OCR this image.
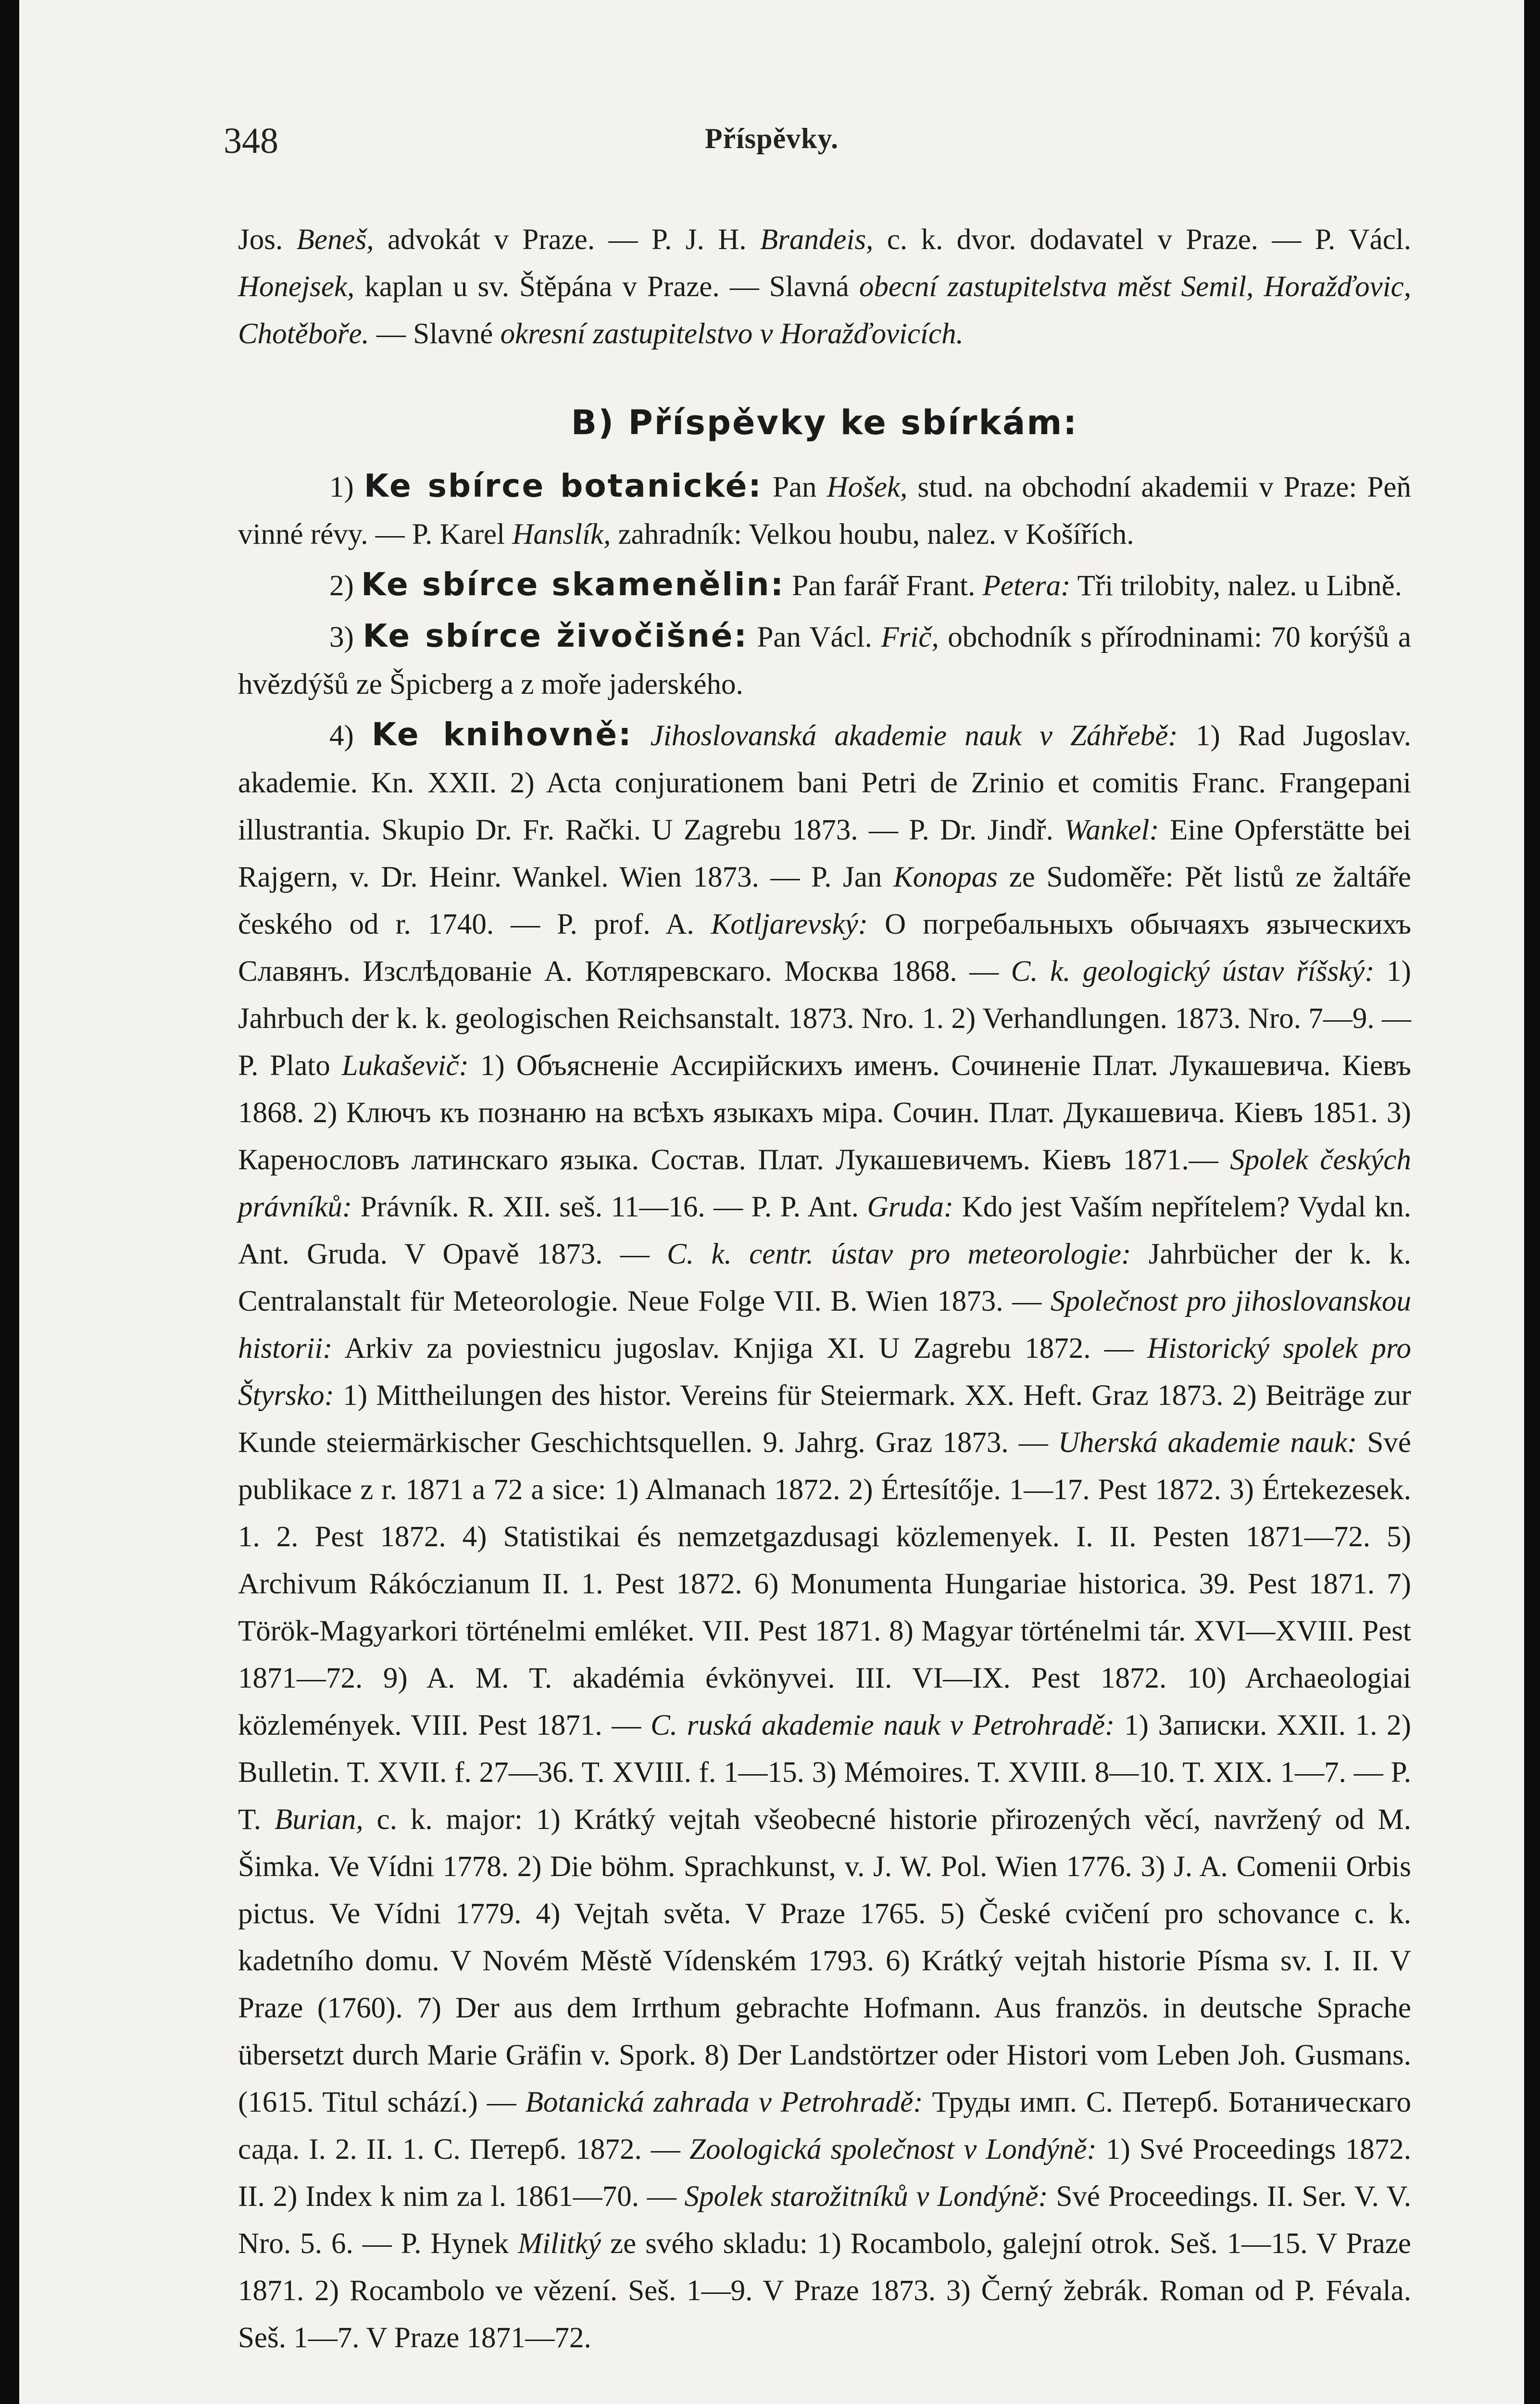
348	Příspěvky.

Jos. Beneš, advokát v Praze. — P. J. H. Brandeis, c. k. dvor. dodavatel v Praze. — P. Václ. Honejsek, kaplan u sv. Štěpána v Praze. — Slavná obecní zastupitelstva měst Semil, Horažďovic, Chotěboře. — Slavné okresní zastupitelstvo v Horažďovicích.

B) Příspěvky ke sbírkám:

1) Ke sbírce botanické: Pan Hošek, stud. na obchodní akademii v Praze: Peň vinné révy. — P. Karel Hanslík, zahradník: Velkou houbu, nalez. v Košířích.

2) Ke sbírce skamenělin: Pan farář Frant. Petera: Tři trilobity, nalez. u Libně.

3) Ke sbírce živočišné: Pan Václ. Frič, obchodník s přírodninami: 70 korýšů a hvězdýšů ze Špicberg a z moře jaderského.

4) Ke knihovně: Jihoslovanská akademie nauk v Záhřebě: 1) Rad Jugoslav. akademie. Kn. XXII. 2) Acta conjurationem bani Petri de Zrinio et comitis Franc. Frangepani illustrantia. Skupio Dr. Fr. Rački. U Zagrebu 1873. — P. Dr. Jindř. Wankel: Eine Opferstätte bei Rajgern, v. Dr. Heinr. Wankel. Wien 1873. — P. Jan Konopas ze Sudoměře: Pět listů ze žaltáře českého od r. 1740. — P. prof. A. Kotljarevský: О погребальныхъ обычаяхъ языческихъ Славянъ. Изслѣдованіе А. Котляревскаго. Москва 1868. — C. k. geologický ústav říšský: 1) Jahrbuch der k. k. geologischen Reichsanstalt. 1873. Nro. 1. 2) Verhandlungen. 1873. Nro. 7—9. — P. Plato Lukaševič: 1) Объясненіе Ассирійскихъ именъ. Сочиненіе Плат. Лукашевича. Кіевъ 1868. 2) Ключъ къ познаню на всѣхъ языкахъ міра. Сочин. Плат. Дукашевича. Кіевъ 1851. 3) Каренословъ латинскаго языка. Состав. Плат. Лукашевичемъ. Кіевъ 1871.— Spolek českých právníků: Právník. R. XII. seš. 11—16. — P. P. Ant. Gruda: Kdo jest Vaším nepřítelem? Vydal kn. Ant. Gruda. V Opavě 1873. — C. k. centr. ústav pro meteorologie: Jahrbücher der k. k. Centralanstalt für Meteorologie. Neue Folge VII. B. Wien 1873. — Společnost pro jihoslovanskou historii: Arkiv za poviestnicu jugoslav. Knjiga XI. U Zagrebu 1872. — Historický spolek pro Štyrsko: 1) Mittheilungen des histor. Vereins für Steiermark. XX. Heft. Graz 1873. 2) Beiträge zur Kunde steiermärkischer Geschichtsquellen. 9. Jahrg. Graz 1873. — Uherská akademie nauk: Své publikace z r. 1871 a 72 a sice: 1) Almanach 1872. 2) Értesítője. 1—17. Pest 1872. 3) Értekezesek. 1. 2. Pest 1872. 4) Statistikai és nemzetgazdusagi közlemenyek. I. II. Pesten 1871—72. 5) Archivum Rákóczianum II. 1. Pest 1872. 6) Monumenta Hungariae historica. 39. Pest 1871. 7) Török-Magyarkori történelmi emléket. VII. Pest 1871. 8) Magyar történelmi tár. XVI—XVIII. Pest 1871—72. 9) A. M. T. akadémia évkönyvei. III. VI—IX. Pest 1872. 10) Archaeologiai közlemények. VIII. Pest 1871. — C. ruská akademie nauk v Petrohradě: 1) Записки. XXII. 1. 2) Bulletin. T. XVII. f. 27—36. T. XVIII. f. 1—15. 3) Mémoires. T. XVIII. 8—10. T. XIX. 1—7. — P. T. Burian, c. k. major: 1) Krátký vejtah všeobecné historie přirozených věcí, navržený od M. Šimka. Ve Vídni 1778. 2) Die böhm. Sprachkunst, v. J. W. Pol. Wien 1776. 3) J. A. Comenii Orbis pictus. Ve Vídni 1779. 4) Vejtah světa. V Praze 1765. 5) České cvičení pro schovance c. k. kadetního domu. V Novém Městě Vídenském 1793. 6) Krátký vejtah historie Písma sv. I. II. V Praze (1760). 7) Der aus dem Irrthum gebrachte Hofmann. Aus französ. in deutsche Sprache übersetzt durch Marie Gräfin v. Spork. 8) Der Landstörtzer oder Histori vom Leben Joh. Gusmans. (1615. Titul schází.) — Botanická zahrada v Petrohradě: Труды имп. С. Петерб. Ботаническаго сада. I. 2. II. 1. С. Петерб. 1872. — Zoologická společnost v Londýně: 1) Své Proceedings 1872. II. 2) Index k nim za l. 1861—70. — Spolek starožitníků v Londýně: Své Proceedings. II. Ser. V. V. Nro. 5. 6. — P. Hynek Militký ze svého skladu: 1) Rocambolo, galejní otrok. Seš. 1—15. V Praze 1871. 2) Rocambolo ve vězení. Seš. 1—9. V Praze 1873. 3) Černý žebrák. Roman od P. Févala. Seš. 1—7. V Praze 1871—72.
